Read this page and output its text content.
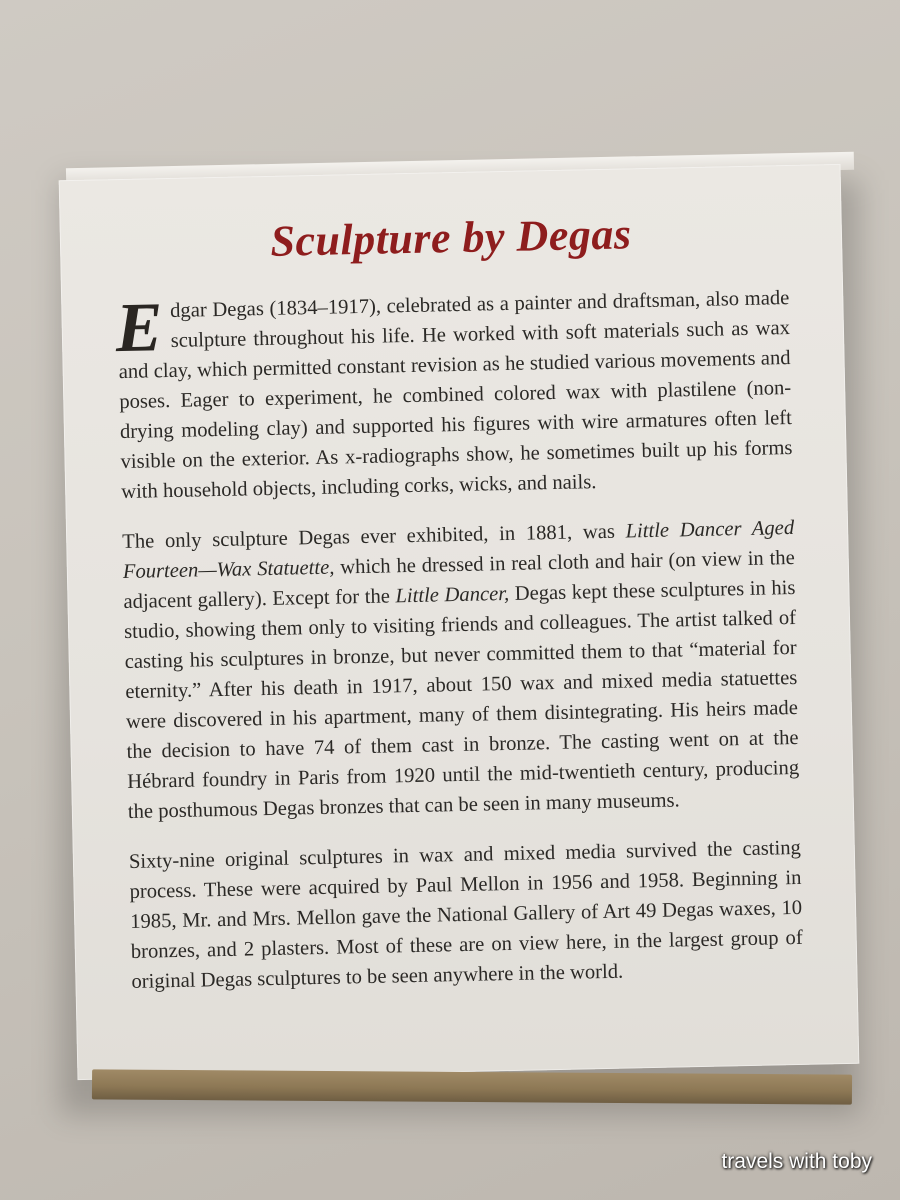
Sculpture by Degas

Edgar Degas (1834–1917), celebrated as a painter and draftsman, also made sculpture throughout his life. He worked with soft materials such as wax and clay, which permitted constant revision as he studied various movements and poses. Eager to experiment, he combined colored wax with plastilene (non-drying modeling clay) and supported his figures with wire armatures often left visible on the exterior. As x-radiographs show, he sometimes built up his forms with household objects, including corks, wicks, and nails.

The only sculpture Degas ever exhibited, in 1881, was Little Dancer Aged Fourteen—Wax Statuette, which he dressed in real cloth and hair (on view in the adjacent gallery). Except for the Little Dancer, Degas kept these sculptures in his studio, showing them only to visiting friends and colleagues. The artist talked of casting his sculptures in bronze, but never committed them to that “material for eternity.” After his death in 1917, about 150 wax and mixed media statuettes were discovered in his apartment, many of them disintegrating. His heirs made the decision to have 74 of them cast in bronze. The casting went on at the Hébrard foundry in Paris from 1920 until the mid-twentieth century, producing the posthumous Degas bronzes that can be seen in many museums.

Sixty-nine original sculptures in wax and mixed media survived the casting process. These were acquired by Paul Mellon in 1956 and 1958. Beginning in 1985, Mr. and Mrs. Mellon gave the National Gallery of Art 49 Degas waxes, 10 bronzes, and 2 plasters. Most of these are on view here, in the largest group of original Degas sculptures to be seen anywhere in the world.

travels with toby
